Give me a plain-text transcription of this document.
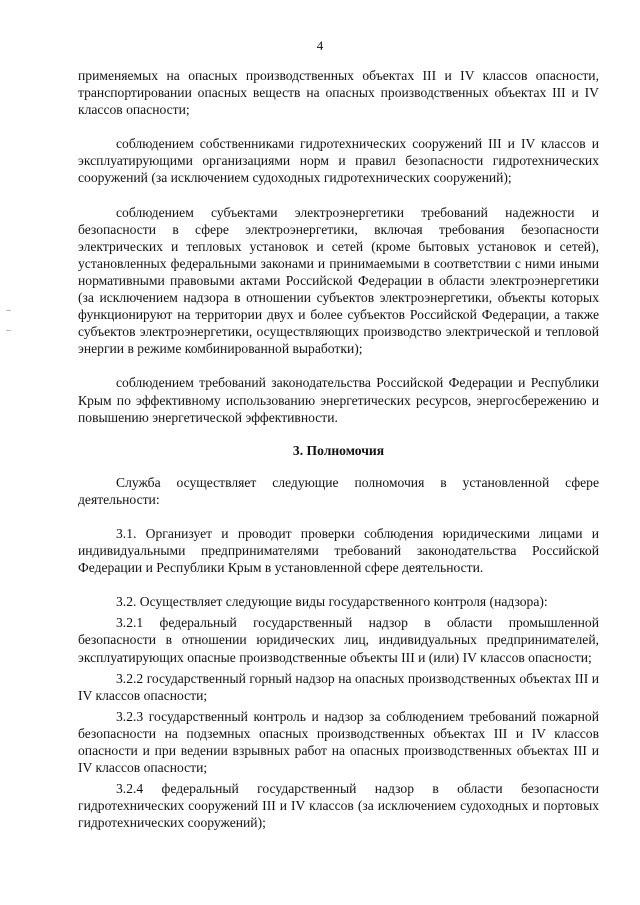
4

применяемых на опасных производственных объектах III и IV классов опасности, транспортировании опасных веществ на опасных производственных объектах III и IV классов опасности;

соблюдением собственниками гидротехнических сооружений III и IV классов и эксплуатирующими организациями норм и правил безопасности гидротехнических сооружений (за исключением судоходных гидротехнических сооружений);

соблюдением субъектами электроэнергетики требований надежности и безопасности в сфере электроэнергетики, включая требования безопасности электрических и тепловых установок и сетей (кроме бытовых установок и сетей), установленных федеральными законами и принимаемыми в соответствии с ними иными нормативными правовыми актами Российской Федерации в области электроэнергетики (за исключением надзора в отношении субъектов электроэнергетики, объекты которых функционируют на территории двух и более субъектов Российской Федерации, а также субъектов электроэнергетики, осуществляющих производство электрической и тепловой энергии в режиме комбинированной выработки);

соблюдением требований законодательства Российской Федерации и Республики Крым по эффективному использованию энергетических ресурсов, энергосбережению и повышению энергетической эффективности.

3. Полномочия

Служба осуществляет следующие полномочия в установленной сфере деятельности:

3.1. Организует и проводит проверки соблюдения юридическими лицами и индивидуальными предпринимателями требований законодательства Российской Федерации и Республики Крым в установленной сфере деятельности.

3.2. Осуществляет следующие виды государственного контроля (надзора):

3.2.1 федеральный государственный надзор в области промышленной безопасности в отношении юридических лиц, индивидуальных предпринимателей, эксплуатирующих опасные производственные объекты III и (или) IV классов опасности;

3.2.2 государственный горный надзор на опасных производственных объектах III и IV классов опасности;

3.2.3 государственный контроль и надзор за соблюдением требований пожарной безопасности на подземных опасных производственных объектах III и IV классов опасности и при ведении взрывных работ на опасных производственных объектах III и IV классов опасности;

3.2.4 федеральный государственный надзор в области безопасности гидротехнических сооружений III и IV классов (за исключением судоходных и портовых гидротехнических сооружений);
